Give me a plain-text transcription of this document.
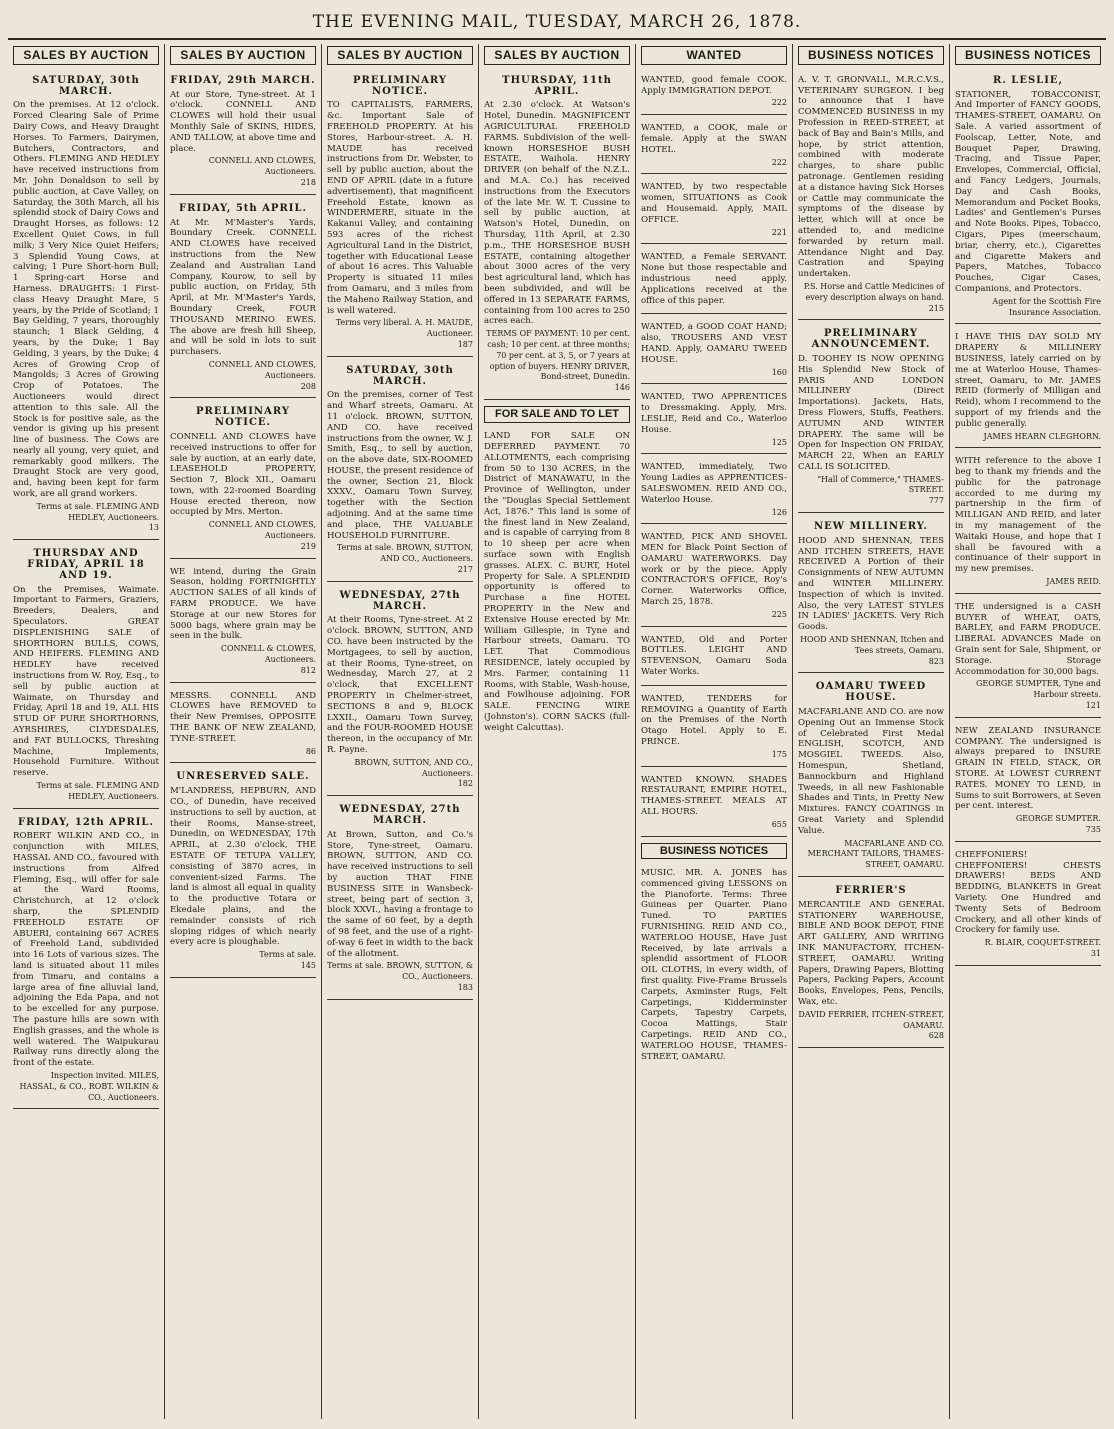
THE EVENING MAIL, TUESDAY, MARCH 26, 1878.
SALES BY AUCTION
SATURDAY, 30th MARCH.

On the premises. At 12 o'clock. Forced Clearing Sale of Prime Dairy Cows, and Heavy Draught Horses. To Farmers, Dairymen, Butchers, Contractors, and Others. FLEMING AND HEDLEY have received instructions from Mr. John Donaldson to sell by public auction, at Cave Valley, on Saturday, the 30th March, all his splendid stock of Dairy Cows and Draught Horses, as follows: 12 Excellent Quiet Cows, in full milk; 3 Very Nice Quiet Heifers; 3 Splendid Young Cows, at calving; 1 Pure Short-horn Bull; 1 Spring-cart Horse and Harness. DRAUGHTS: 1 First-class Heavy Draught Mare, 5 years, by the Pride of Scotland; 1 Bay Gelding, 7 years, thoroughly staunch; 1 Black Gelding, 4 years, by the Duke; 1 Bay Gelding, 3 years, by the Duke; 4 Acres of Growing Crop of Mangolds; 3 Acres of Growing Crop of Potatoes. The Auctioneers would direct attention to this sale. All the Stock is for positive sale, as the vendor is giving up his present line of business. The Cows are nearly all young, very quiet, and remarkably good milkers. The Draught Stock are very good, and, having been kept for farm work, are all grand workers.

Terms at sale. FLEMING AND HEDLEY, Auctioneers.
13
THURSDAY AND FRIDAY, APRIL 18 AND 19.

On the Premises, Waimate. Important to Farmers, Graziers, Breeders, Dealers, and Speculators. GREAT DISPLENISHING SALE of SHORTHORN BULLS, COWS, AND HEIFERS. FLEMING AND HEDLEY have received instructions from W. Roy, Esq., to sell by public auction at Waimate, on Thursday and Friday, April 18 and 19, ALL HIS STUD OF PURE SHORTHORNS, AYRSHIRES, CLYDESDALES, and FAT BULLOCKS, Threshing Machine, Implements, Household Furniture. Without reserve.

Terms at sale. FLEMING AND HEDLEY, Auctioneers.
FRIDAY, 12th APRIL.

ROBERT WILKIN AND CO., in conjunction with MILES, HASSAL AND CO., favoured with instructions from Alfred Fleming, Esq., will offer for sale at the Ward Rooms, Christchurch, at 12 o'clock sharp, the SPLENDID FREEHOLD ESTATE OF ABUERI, containing 667 ACRES of Freehold Land, subdivided into 16 Lots of various sizes. The land is situated about 11 miles from Timaru, and contains a large area of fine alluvial land, adjoining the Eda Papa, and not to be excelled for any purpose. The pasture hills are sown with English grasses, and the whole is well watered. The Waipukurau Railway runs directly along the front of the estate.

Inspection invited. MILES, HASSAL, & CO., ROBT. WILKIN & CO., Auctioneers.
SALES BY AUCTION
FRIDAY, 29th MARCH.

At our Store, Tyne-street. At 1 o'clock. CONNELL AND CLOWES will hold their usual Monthly Sale of SKINS, HIDES, AND TALLOW, at above time and place.

CONNELL AND CLOWES, Auctioneers.
218
FRIDAY, 5th APRIL.

At Mr. M'Master's Yards, Boundary Creek. CONNELL AND CLOWES have received instructions from the New Zealand and Australian Land Company, Kourow, to sell by public auction, on Friday, 5th April, at Mr. M'Master's Yards, Boundary Creek, FOUR THOUSAND MERINO EWES. The above are fresh hill Sheep, and will be sold in lots to suit purchasers.

CONNELL AND CLOWES, Auctioneers.
208
PRELIMINARY NOTICE.

CONNELL AND CLOWES have received instructions to offer for sale by auction, at an early date, LEASEHOLD PROPERTY, Section 7, Block XII., Oamaru town, with 22-roomed Boarding House erected thereon, now occupied by Mrs. Merton.

CONNELL AND CLOWES, Auctioneers.
219

WE intend, during the Grain Season, holding FORTNIGHTLY AUCTION SALES of all kinds of FARM PRODUCE. We have Storage at our new Stores for 5000 bags, where grain may be seen in the bulk.

CONNELL & CLOWES, Auctioneers.
812

MESSRS. CONNELL AND CLOWES have REMOVED to their New Premises, OPPOSITE THE BANK OF NEW ZEALAND, TYNE-STREET.

86
UNRESERVED SALE.

M'LANDRESS, HEPBURN, AND CO., of Dunedin, have received instructions to sell by auction, at their Rooms, Manse-street, Dunedin, on WEDNESDAY, 17th APRIL, at 2.30 o'clock, THE ESTATE OF TETUPA VALLEY, consisting of 3870 acres, in convenient-sized Farms. The land is almost all equal in quality to the productive Totara or Ekedale plains, and the remainder consists of rich sloping ridges of which nearly every acre is ploughable.

Terms at sale.
145
SALES BY AUCTION
PRELIMINARY NOTICE.

TO CAPITALISTS, FARMERS, &c. Important Sale of FREEHOLD PROPERTY. At his Stores, Harbour-street. A. H. MAUDE has received instructions from Dr. Webster, to sell by public auction, about the END OF APRIL (date in a future advertisement), that magnificent Freehold Estate, known as WINDERMERE, situate in the Kakanui Valley, and containing 593 acres of the richest Agricultural Land in the District, together with Educational Lease of about 16 acres. This Valuable Property is situated 11 miles from Oamaru, and 3 miles from the Maheno Railway Station, and is well watered.

Terms very liberal. A. H. MAUDE, Auctioneer.
187
SATURDAY, 30th MARCH.

On the premises, corner of Test and Wharf streets, Oamaru. At 11 o'clock. BROWN, SUTTON, AND CO. have received instructions from the owner, W. J. Smith, Esq., to sell by auction, on the above date, SIX-ROOMED HOUSE, the present residence of the owner, Section 21, Block XXXV., Oamaru Town Survey, together with the Section adjoining. And at the same time and place, THE VALUABLE HOUSEHOLD FURNITURE.

Terms at sale. BROWN, SUTTON, AND CO., Auctioneers.
217
WEDNESDAY, 27th MARCH.

At their Rooms, Tyne-street. At 2 o'clock. BROWN, SUTTON, AND CO. have been instructed by the Mortgagees, to sell by auction, at their Rooms, Tyne-street, on Wednesday, March 27, at 2 o'clock, that EXCELLENT PROPERTY in Chelmer-street, SECTIONS 8 and 9, BLOCK LXXII., Oamaru Town Survey, and the FOUR-ROOMED HOUSE thereon, in the occupancy of Mr. R. Payne.

BROWN, SUTTON, AND CO., Auctioneers.
182
WEDNESDAY, 27th MARCH.

At Brown, Sutton, and Co.'s Store, Tyne-street, Oamaru. BROWN, SUTTON, AND CO. have received instructions to sell by auction THAT FINE BUSINESS SITE in Wansbeck-street, being part of section 3, block XXVI., having a frontage to the same of 60 feet, by a depth of 98 feet, and the use of a right-of-way 6 feet in width to the back of the allotment.

Terms at sale. BROWN, SUTTON, & CO., Auctioneers.
183
SALES BY AUCTION
THURSDAY, 11th APRIL.

At 2.30 o'clock. At Watson's Hotel, Dunedin. MAGNIFICENT AGRICULTURAL FREEHOLD FARMS. Subdivision of the well-known HORSESHOE BUSH ESTATE, Waihola. HENRY DRIVER (on behalf of the N.Z.L. and M.A. Co.) has received instructions from the Executors of the late Mr. W. T. Cussine to sell by public auction, at Watson's Hotel, Dunedin, on Thursday, 11th April, at 2.30 p.m., THE HORSESHOE BUSH ESTATE, containing altogether about 3000 acres of the very best agricultural land, which has been subdivided, and will be offered in 13 SEPARATE FARMS, containing from 100 acres to 250 acres each.

TERMS OF PAYMENT: 10 per cent. cash; 10 per cent. at three months; 70 per cent. at 3, 5, or 7 years at option of buyers. HENRY DRIVER, Bond-street, Dunedin.
146
FOR SALE AND TO LET

LAND FOR SALE ON DEFERRED PAYMENT. 70 ALLOTMENTS, each comprising from 50 to 130 ACRES, in the District of MANAWATU, in the Province of Wellington, under the "Douglas Special Settlement Act, 1876." This land is some of the finest land in New Zealand, and is capable of carrying from 8 to 10 sheep per acre when surface sown with English grasses. ALEX. C. BURT, Hotel Property for Sale. A SPLENDID opportunity is offered to Purchase a fine HOTEL PROPERTY in the New and Extensive House erected by Mr. William Gillespie, in Tyne and Harbour streets, Oamaru. TO LET. That Commodious RESIDENCE, lately occupied by Mrs. Farmer, containing 11 Rooms, with Stable, Wash-house, and Fowlhouse adjoining. FOR SALE. FENCING WIRE (Johnston's). CORN SACKS (full-weight Calcuttas).

WANTED

WANTED, good female COOK. Apply IMMIGRATION DEPOT.

222

WANTED, a COOK, male or female. Apply at the SWAN HOTEL.

222

WANTED, by two respectable women, SITUATIONS as Cook and Housemaid. Apply, MAIL OFFICE.

221

WANTED, a Female SERVANT. None but those respectable and industrious need apply. Applications received at the office of this paper.

WANTED, a GOOD COAT HAND; also, TROUSERS AND VEST HAND. Apply, OAMARU TWEED HOUSE.

160

WANTED, TWO APPRENTICES to Dressmaking. Apply, Mrs. LESLIE, Reid and Co., Waterloo House.

125

WANTED, immediately, Two Young Ladies as APPRENTICES-SALESWOMEN. REID AND CO., Waterloo House.

126

WANTED, PICK AND SHOVEL MEN for Black Point Section of OAMARU WATERWORKS. Day work or by the piece. Apply CONTRACTOR'S OFFICE, Roy's Corner. Waterworks Office, March 25, 1878.

225

WANTED, Old and Porter BOTTLES. LEIGHT AND STEVENSON, Oamaru Soda Water Works.

WANTED, TENDERS for REMOVING a Quantity of Earth on the Premises of the North Otago Hotel. Apply to E. PRINCE.

175

WANTED KNOWN. SHADES RESTAURANT, EMPIRE HOTEL, THAMES-STREET. MEALS AT ALL HOURS.

655
BUSINESS NOTICES

MUSIC. MR. A. JONES has commenced giving LESSONS on the Pianoforte. Terms: Three Guineas per Quarter. Piano Tuned. TO PARTIES FURNISHING. REID AND CO., WATERLOO HOUSE, Have Just Received, by late arrivals a splendid assortment of FLOOR OIL CLOTHS, in every width, of first quality. Five-Frame Brussels Carpets, Axminster Rugs, Felt Carpetings, Kidderminster Carpets, Tapestry Carpets, Cocoa Mattings, Stair Carpetings. REID AND CO., WATERLOO HOUSE, THAMES-STREET, OAMARU.

BUSINESS NOTICES

A. V. T. GRONVALL, M.R.C.V.S., VETERINARY SURGEON. I beg to announce that I have COMMENCED BUSINESS in my Profession in REED-STREET, at back of Bay and Bain's Mills, and hope, by strict attention, combined with moderate charges, to share public patronage. Gentlemen residing at a distance having Sick Horses or Cattle may communicate the symptoms of the disease by letter, which will at once be attended to, and medicine forwarded by return mail. Attendance Night and Day. Castration and Spaying undertaken.

P.S. Horse and Cattle Medicines of every description always on hand.
215
PRELIMINARY ANNOUNCEMENT.

D. TOOHEY IS NOW OPENING His Splendid New Stock of PARIS AND LONDON MILLINERY (Direct Importations). Jackets, Hats, Dress Flowers, Stuffs, Feathers. AUTUMN AND WINTER DRAPERY. The same will be Open for Inspection ON FRIDAY, MARCH 22, When an EARLY CALL IS SOLICITED.

"Hall of Commerce," THAMES-STREET.
777
NEW MILLINERY.

HOOD AND SHENNAN, TEES AND ITCHEN STREETS, HAVE RECEIVED A Portion of their Consignments of NEW AUTUMN and WINTER MILLINERY. Inspection of which is invited. Also, the very LATEST STYLES IN LADIES' JACKETS. Very Rich Goods.

HOOD AND SHENNAN, Itchen and Tees streets, Oamaru.
823
OAMARU TWEED HOUSE.

MACFARLANE AND CO. are now Opening Out an Immense Stock of Celebrated First Medal ENGLISH, SCOTCH, AND MOSGIEL TWEEDS. Also, Homespun, Shetland, Bannockburn and Highland Tweeds, in all new Fashionable Shades and Tints, in Pretty New Mixtures. FANCY COATINGS in Great Variety and Splendid Value.

MACFARLANE AND CO. MERCHANT TAILORS, THAMES-STREET, OAMARU.
FERRIER'S

MERCANTILE AND GENERAL STATIONERY WAREHOUSE, BIBLE AND BOOK DEPOT, FINE ART GALLERY, AND WRITING INK MANUFACTORY, ITCHEN-STREET, OAMARU. Writing Papers, Drawing Papers, Blotting Papers, Packing Papers, Account Books, Envelopes, Pens, Pencils, Wax, etc.

DAVID FERRIER, ITCHEN-STREET, OAMARU.
628
BUSINESS NOTICES
R. LESLIE,

STATIONER, TOBACCONIST, And Importer of FANCY GOODS, THAMES-STREET, OAMARU. On Sale. A varied assortment of Foolscap, Letter, Note, and Bouquet Paper, Drawing, Tracing, and Tissue Paper, Envelopes, Commercial, Official, and Fancy Ledgers, Journals, Day and Cash Books, Memorandum and Pocket Books, Ladies' and Gentlemen's Purses and Note Books. Pipes, Tobacco, Cigars, Pipes (meerschaum, briar, cherry, etc.), Cigarettes and Cigarette Makers and Papers, Matches, Tobacco Pouches, Cigar Cases, Companions, and Protectors.

Agent for the Scottish Fire Insurance Association.

I HAVE THIS DAY SOLD MY DRAPERY & MILLINERY BUSINESS, lately carried on by me at Waterloo House, Thames-street, Oamaru, to Mr. JAMES REID (formerly of Milligan and Reid), whom I recommend to the support of my friends and the public generally.

JAMES HEARN CLEGHORN.

WITH reference to the above I beg to thank my friends and the public for the patronage accorded to me during my partnership in the firm of MILLIGAN AND REID, and later in my management of the Waitaki House, and hope that I shall be favoured with a continuance of their support in my new premises.

JAMES REID.

THE undersigned is a CASH BUYER of WHEAT, OATS, BARLEY, and FARM PRODUCE. LIBERAL ADVANCES Made on Grain sent for Sale, Shipment, or Storage. Storage Accommodation for 30,000 bags.

GEORGE SUMPTER, Tyne and Harbour streets.
121

NEW ZEALAND INSURANCE COMPANY. The undersigned is always prepared to INSURE GRAIN IN FIELD, STACK, OR STORE. At LOWEST CURRENT RATES. MONEY TO LEND, in Sums to suit Borrowers, at Seven per cent. interest.

GEORGE SUMPTER.
735

CHEFFONIERS! CHEFFONIERS! CHESTS DRAWERS! BEDS AND BEDDING, BLANKETS in Great Variety. One Hundred and Twenty Sets of Bedroom Crockery, and all other kinds of Crockery for family use.

R. BLAIR, COQUET-STREET.
31
